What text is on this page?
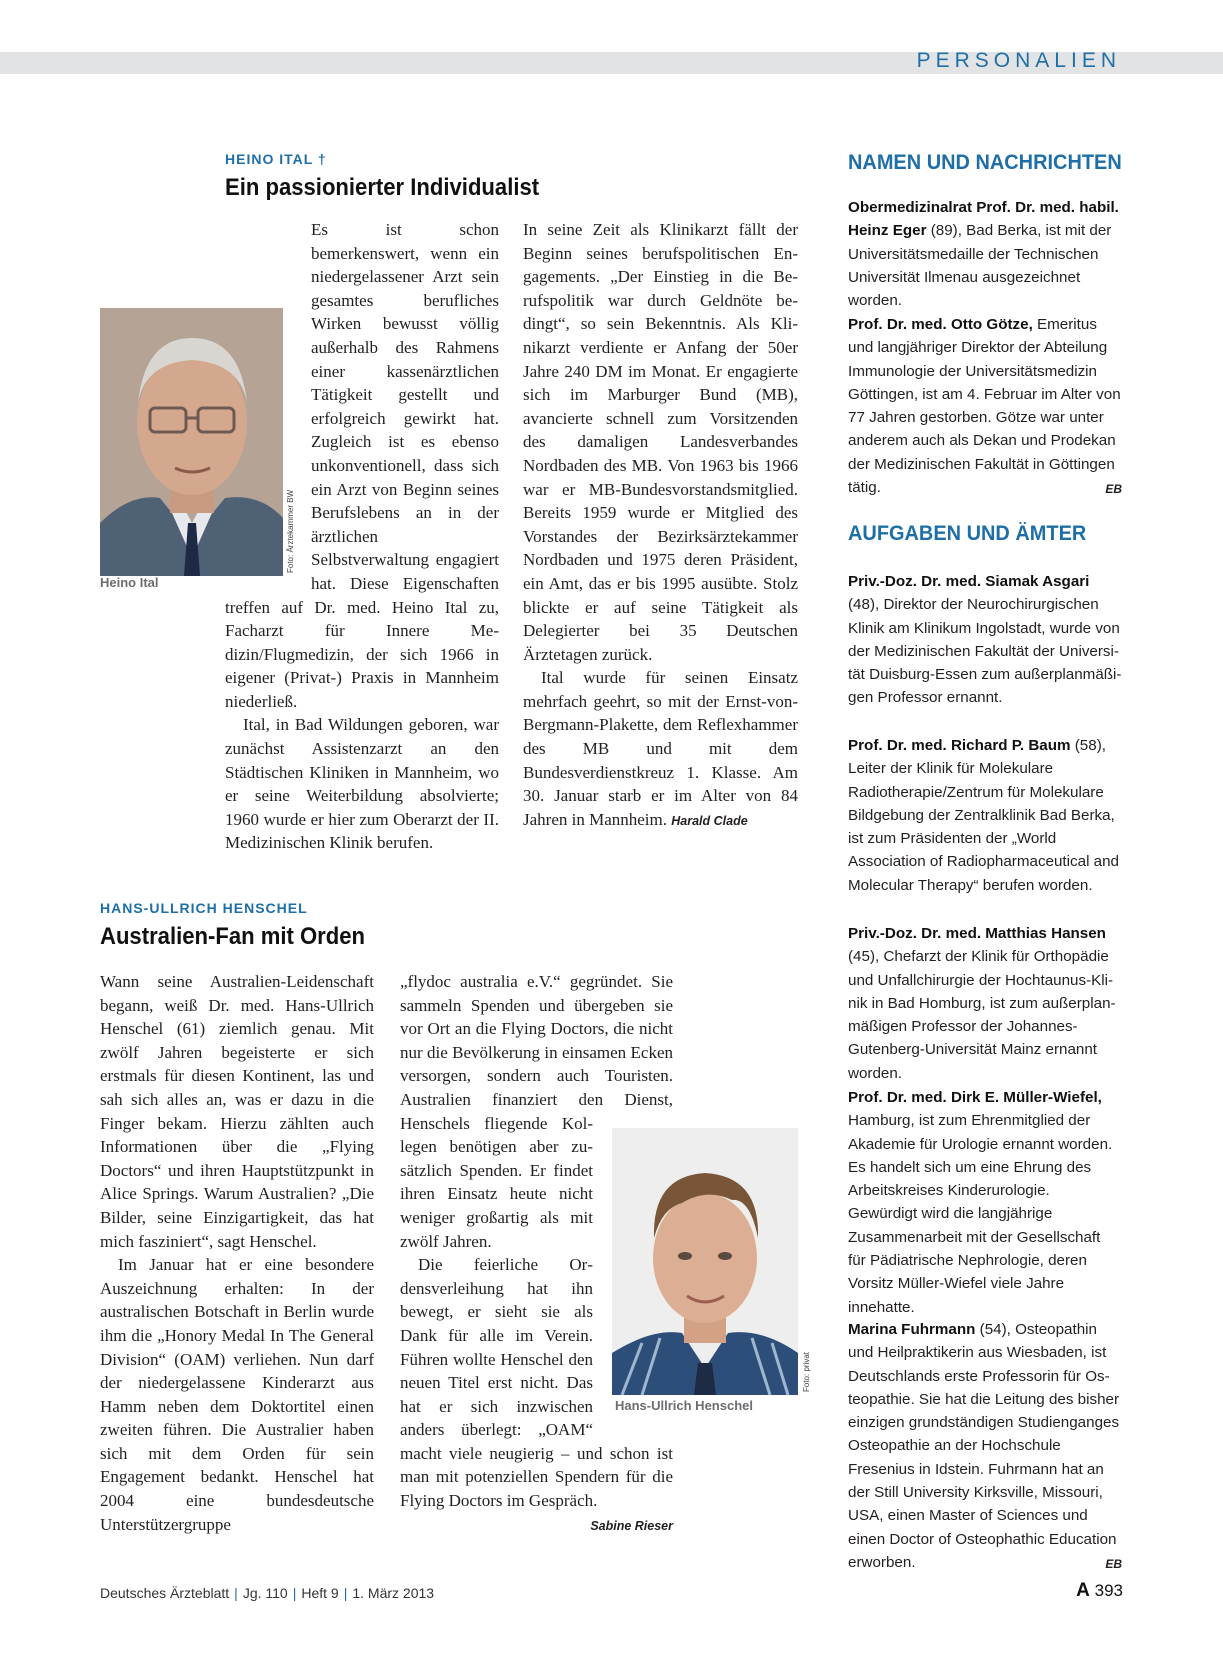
PERSONALIEN
HEINO ITAL †
Ein passionierter Individualist
Heino Ital
Foto: Ärztekammer BW

Es ist schon bemerkenswert, wenn ein niedergelassener Arzt sein gesamtes berufliches Wirken bewusst völlig außerhalb des Rahmens einer kassenärztlichen Tätigkeit gestellt und erfolgreich gewirkt hat. Zugleich ist es ebenso unkonventionell, dass sich ein Arzt von Beginn seines Berufslebens an in der ärztlichen Selbstverwaltung engagiert hat. Diese Eigenschaften treffen auf Dr. med. Heino Ital zu, Facharzt für Innere Medizin/Flugmedizin, der sich 1966 in eigener (Privat-) Praxis in Mannheim niederließ.

Ital, in Bad Wildungen geboren, war zunächst Assistenzarzt an den Städtischen Kliniken in Mannheim, wo er seine Weiterbildung absolvierte; 1960 wurde er hier zum Oberarzt der II. Medizinischen Klinik berufen.

In seine Zeit als Klinikarzt fällt der Beginn seines berufspolitischen Engagements. „Der Einstieg in die Berufspolitik war durch Geldnöte bedingt“, so sein Bekenntnis. Als Klinikarzt verdiente er Anfang der 50er Jahre 240 DM im Monat. Er engagierte sich im Marburger Bund (MB), avancierte schnell zum Vorsitzenden des damaligen Landesverbandes Nordbaden des MB. Von 1963 bis 1966 war er MB-Bundesvorstandsmitglied. Bereits 1959 wurde er Mitglied des Vorstandes der Bezirksärztekammer Nordbaden und 1975 deren Präsident, ein Amt, das er bis 1995 ausübte. Stolz blickte er auf seine Tätigkeit als Delegierter bei 35 Deutschen Ärztetagen zurück.

Ital wurde für seinen Einsatz mehrfach geehrt, so mit der Ernst-von-Bergmann-Plakette, dem Reflexhammer des MB und mit dem Bundesverdienstkreuz 1. Klasse. Am 30. Januar starb er im Alter von 84 Jahren in Mannheim. Harald Clade

HANS-ULLRICH HENSCHEL
Australien-Fan mit Orden

Wann seine Australien-Leidenschaft begann, weiß Dr. med. Hans-Ullrich Henschel (61) ziemlich genau. Mit zwölf Jahren begeisterte er sich erstmals für diesen Kontinent, las und sah sich alles an, was er dazu in die Finger bekam. Hierzu zählten auch Informationen über die „Flying Doctors“ und ihren Hauptstützpunkt in Alice Springs. Warum Australien? „Die Bilder, seine Einzigartigkeit, das hat mich fasziniert“, sagt Henschel.

Im Januar hat er eine besondere Auszeichnung erhalten: In der australischen Botschaft in Berlin wurde ihm die „Honory Medal In The General Division“ (OAM) verliehen. Nun darf der niedergelassene Kinderarzt aus Hamm neben dem Doktortitel einen zweiten führen. Die Australier haben sich mit dem Orden für sein Engagement bedankt. Henschel hat 2004 eine bundesdeutsche Unterstützergruppe

Hans-Ullrich Henschel
Foto: privat

„flydoc australia e.V.“ gegründet. Sie sammeln Spenden und übergeben sie vor Ort an die Flying Doctors, die nicht nur die Bevölkerung in einsamen Ecken versorgen, sondern auch Touristen. Australien finanziert den Dienst, Henschels fliegende Kollegen benötigen aber zusätzlich Spenden. Er findet ihren Einsatz heute nicht weniger großartig als mit zwölf Jahren.

Die feierliche Ordensverleihung hat ihn bewegt, er sieht sie als Dank für alle im Verein. Führen wollte Henschel den neuen Titel erst nicht. Das hat er sich inzwischen anders überlegt: „OAM“ macht viele neugierig – und schon ist man mit potenziellen Spendern für die Flying Doctors im Gespräch.
Sabine Rieser

NAMEN UND NACHRICHTEN

Obermedizinalrat Prof. Dr. med. habil. Heinz Eger (89), Bad Berka, ist mit der Universitätsmedaille der Technischen Universität Ilmenau ausgezeichnet worden.

Prof. Dr. med. Otto Götze, Emeritus und langjähriger Direktor der Abteilung Immunologie der Universitätsmedizin Göttingen, ist am 4. Februar im Alter von 77 Jahren gestorben. Götze war unter anderem auch als Dekan und Prodekan der Medizinischen Fakultät in Göttingen tätig.	EB

AUFGABEN UND ÄMTER

Priv.-Doz. Dr. med. Siamak Asgari (48), Direktor der Neurochirurgischen Klinik am Klinikum Ingolstadt, wurde von der Medizinischen Fakultät der Universität Duisburg-Essen zum außerplanmäßigen Professor ernannt.

Prof. Dr. med. Richard P. Baum (58), Leiter der Klinik für Molekulare Radiotherapie/Zentrum für Molekulare Bildgebung der Zentralklinik Bad Berka, ist zum Präsidenten der „World Association of Radiopharmaceutical and Molecular Therapy“ berufen worden.

Priv.-Doz. Dr. med. Matthias Hansen (45), Chefarzt der Klinik für Orthopädie und Unfallchirurgie der Hochtaunus-Klinik in Bad Homburg, ist zum außerplanmäßigen Professor der Johannes-Gutenberg-Universität Mainz ernannt worden.

Prof. Dr. med. Dirk E. Müller-Wiefel, Hamburg, ist zum Ehrenmitglied der Akademie für Urologie ernannt worden. Es handelt sich um eine Ehrung des Arbeitskreises Kinderurologie. Gewürdigt wird die langjährige Zusammenarbeit mit der Gesellschaft für Pädiatrische Nephrologie, deren Vorsitz Müller-Wiefel viele Jahre innehatte.

Marina Fuhrmann (54), Osteopathin und Heilpraktikerin aus Wiesbaden, ist Deutschlands erste Professorin für Osteopathie. Sie hat die Leitung des bisher einzigen grundständigen Studienganges Osteopathie an der Hochschule Fresenius in Idstein. Fuhrmann hat an der Still University Kirksville, Missouri, USA, einen Master of Sciences und einen Doctor of Osteophathic Education erworben.	EB

Deutsches Ärzteblatt | Jg. 110 | Heft 9 | 1. März 2013	A 393
